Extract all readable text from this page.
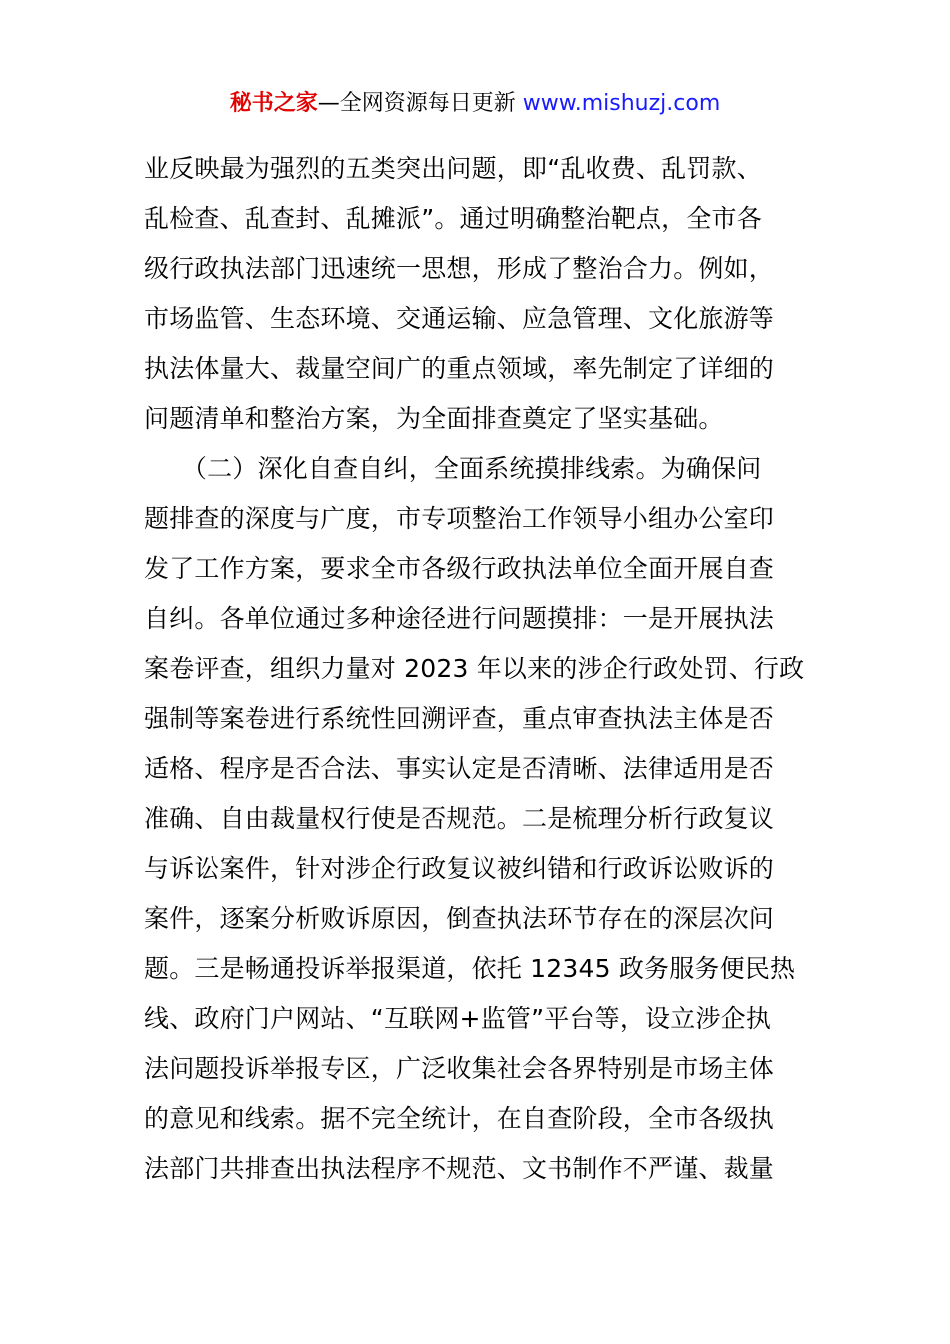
秘书之家—全网资源每日更新 www.mishuzj.com
业反映最为强烈的五类突出问题，即“乱收费、乱罚款、
乱检查、乱查封、乱摊派”。通过明确整治靶点，全市各
级行政执法部门迅速统一思想，形成了整治合力。例如，
市场监管、生态环境、交通运输、应急管理、文化旅游等
执法体量大、裁量空间广的重点领域，率先制定了详细的
问题清单和整治方案，为全面排查奠定了坚实基础。
　　（二）深化自查自纠，全面系统摸排线索。为确保问
题排查的深度与广度，市专项整治工作领导小组办公室印
发了工作方案，要求全市各级行政执法单位全面开展自查
自纠。各单位通过多种途径进行问题摸排：一是开展执法
案卷评查，组织力量对 2023 年以来的涉企行政处罚、行政
强制等案卷进行系统性回溯评查，重点审查执法主体是否
适格、程序是否合法、事实认定是否清晰、法律适用是否
准确、自由裁量权行使是否规范。二是梳理分析行政复议
与诉讼案件，针对涉企行政复议被纠错和行政诉讼败诉的
案件，逐案分析败诉原因，倒查执法环节存在的深层次问
题。三是畅通投诉举报渠道，依托 12345 政务服务便民热
线、政府门户网站、“互联网+监管”平台等，设立涉企执
法问题投诉举报专区，广泛收集社会各界特别是市场主体
的意见和线索。据不完全统计，在自查阶段，全市各级执
法部门共排查出执法程序不规范、文书制作不严谨、裁量
